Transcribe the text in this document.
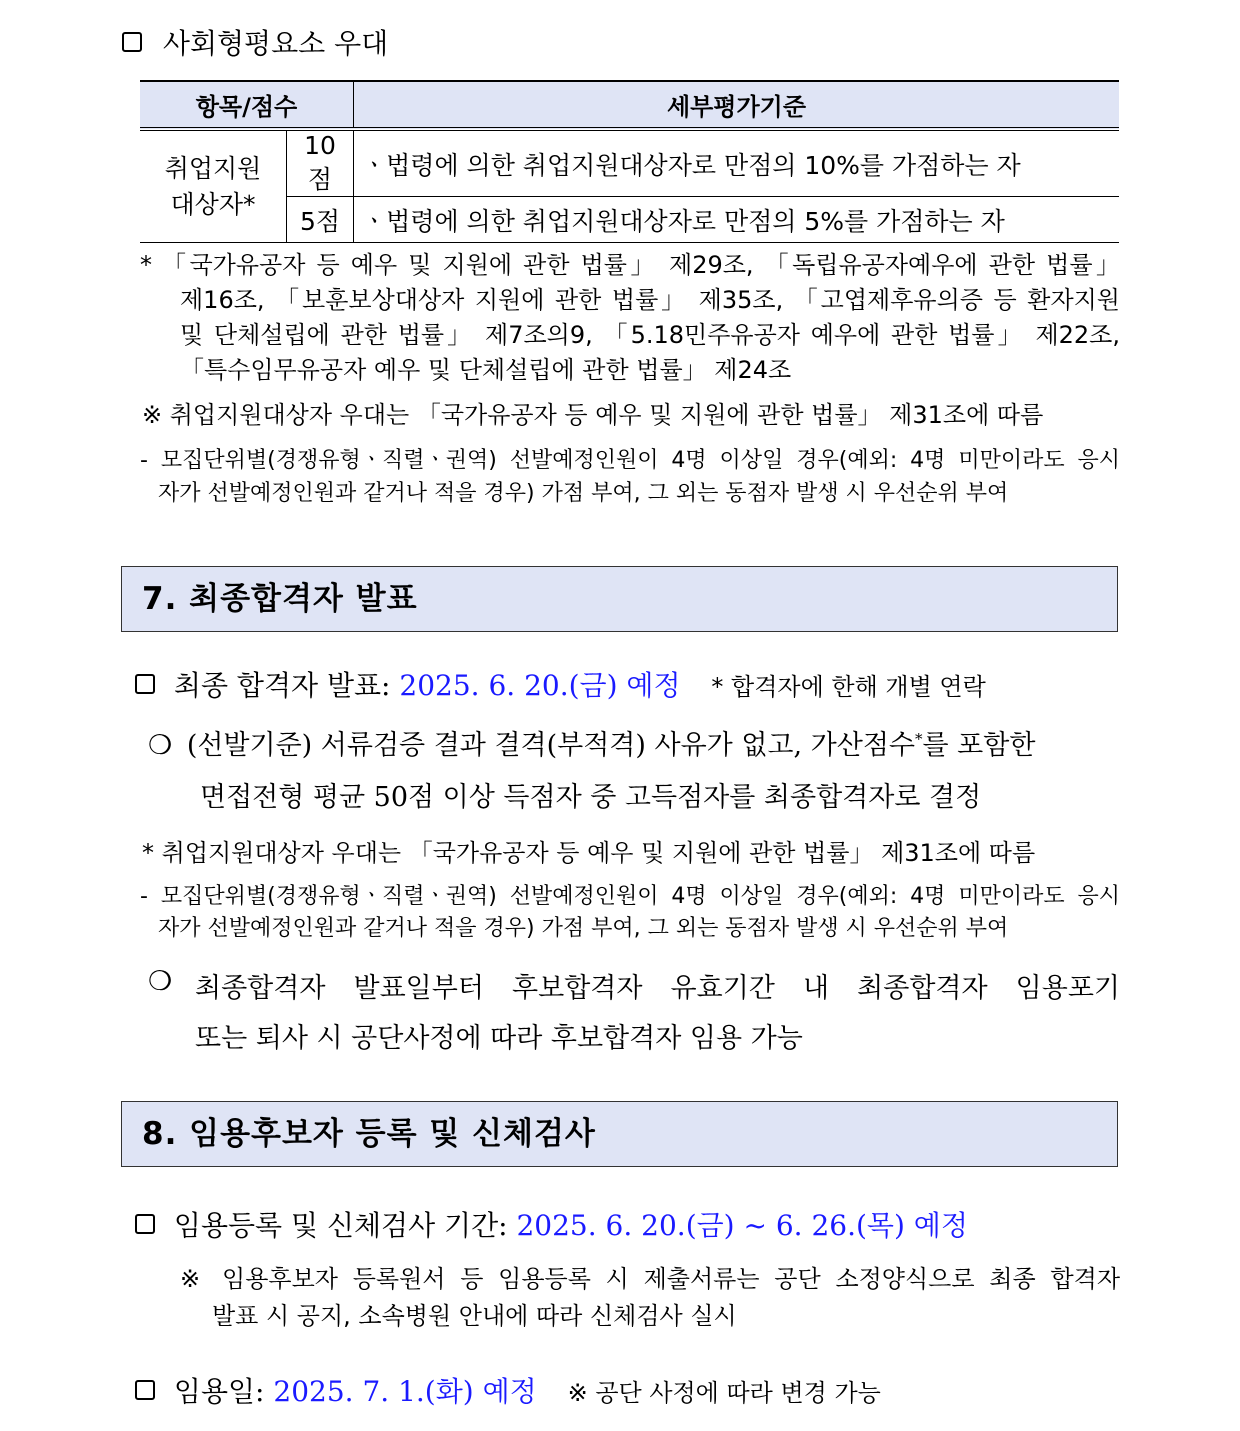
사회형평요소 우대
항목/점수		세부평가기준

취업지원
대상자*	10점	ㆍ법령에 의한 취업지원대상자로 만점의 10%를 가점하는 자
	5점	ㆍ법령에 의한 취업지원대상자로 만점의 5%를 가점하는 자
* 「국가유공자 등 예우 및 지원에 관한 법률」 제29조, 「독립유공자예우에 관한 법률」
제16조, 「보훈보상대상자 지원에 관한 법률」 제35조, 「고엽제후유의증 등 환자지원
및 단체설립에 관한 법률」 제7조의9, 「5.18민주유공자 예우에 관한 법률」 제22조,
「특수임무유공자 예우 및 단체설립에 관한 법률」 제24조
※ 취업지원대상자 우대는 「국가유공자 등 예우 및 지원에 관한 법률」 제31조에 따름
- 모집단위별(경쟁유형ㆍ직렬ㆍ권역) 선발예정인원이 4명 이상일 경우(예외: 4명 미만이라도 응시
자가 선발예정인원과 같거나 적을 경우) 가점 부여, 그 외는 동점자 발생 시 우선순위 부여
7. 최종합격자 발표
최종 합격자 발표: 2025. 6. 20.(금) 예정 * 합격자에 한해 개별 연락
❍ (선발기준) 서류검증 결과 결격(부적격) 사유가 없고, 가산점수*를 포함한
면접전형 평균 50점 이상 득점자 중 고득점자를 최종합격자로 결정
* 취업지원대상자 우대는 「국가유공자 등 예우 및 지원에 관한 법률」 제31조에 따름
- 모집단위별(경쟁유형ㆍ직렬ㆍ권역) 선발예정인원이 4명 이상일 경우(예외: 4명 미만이라도 응시
자가 선발예정인원과 같거나 적을 경우) 가점 부여, 그 외는 동점자 발생 시 우선순위 부여
❍ 최종합격자 발표일부터 후보합격자 유효기간 내 최종합격자 임용포기
또는 퇴사 시 공단사정에 따라 후보합격자 임용 가능
8. 임용후보자 등록 및 신체검사
임용등록 및 신체검사 기간: 2025. 6. 20.(금) ~ 6. 26.(목) 예정
※ 임용후보자 등록원서 등 임용등록 시 제출서류는 공단 소정양식으로 최종 합격자
발표 시 공지, 소속병원 안내에 따라 신체검사 실시
임용일: 2025. 7. 1.(화) 예정 ※ 공단 사정에 따라 변경 가능
